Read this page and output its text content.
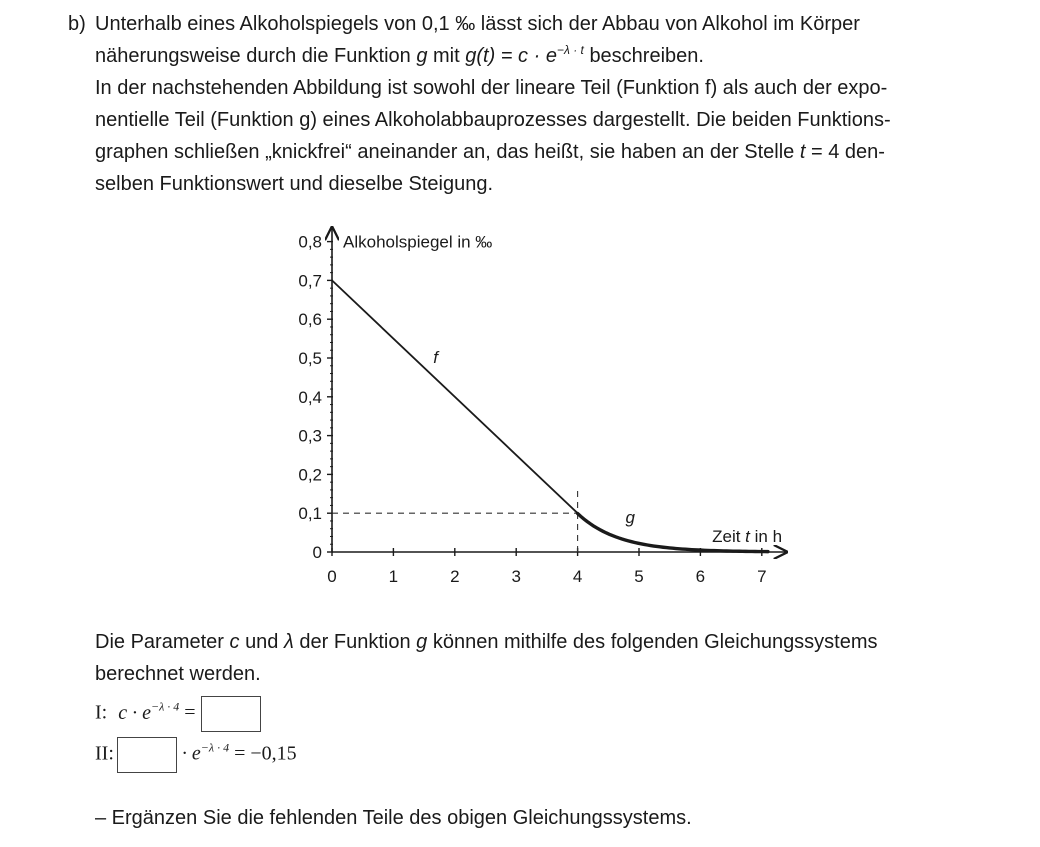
b) Unterhalb eines Alkoholspiegels von 0,1 ‰ lässt sich der Abbau von Alkohol im Körper
näherungsweise durch die Funktion g mit $g(t) = c \cdot e^{-\lambda \cdot t}$ beschreiben.
In der nachstehenden Abbildung ist sowohl der lineare Teil (Funktion f) als auch der expo-
nentielle Teil (Funktion g) eines Alkoholabbauprozesses dargestellt. Die beiden Funktions-
graphen schließen „knickfrei“ aneinander an, das heißt, sie haben an der Stelle t = 4 den-
selben Funktionswert und dieselbe Steigung.
0	1	2	3	4	5	6	7
0
0,1
0,2
0,3
0,4
0,5
0,6
0,7
0,8
f
g
Alkoholspiegel in ‰
Zeit t in h
Die Parameter c und λ der Funktion g können mithilfe des folgenden Gleichungssystems
berechnet werden.
I: $c \cdot e^{-\lambda \cdot 4}$ =
II:	· $e^{-\lambda \cdot 4} = -0,15$
– Ergänzen Sie die fehlenden Teile des obigen Gleichungssystems.
